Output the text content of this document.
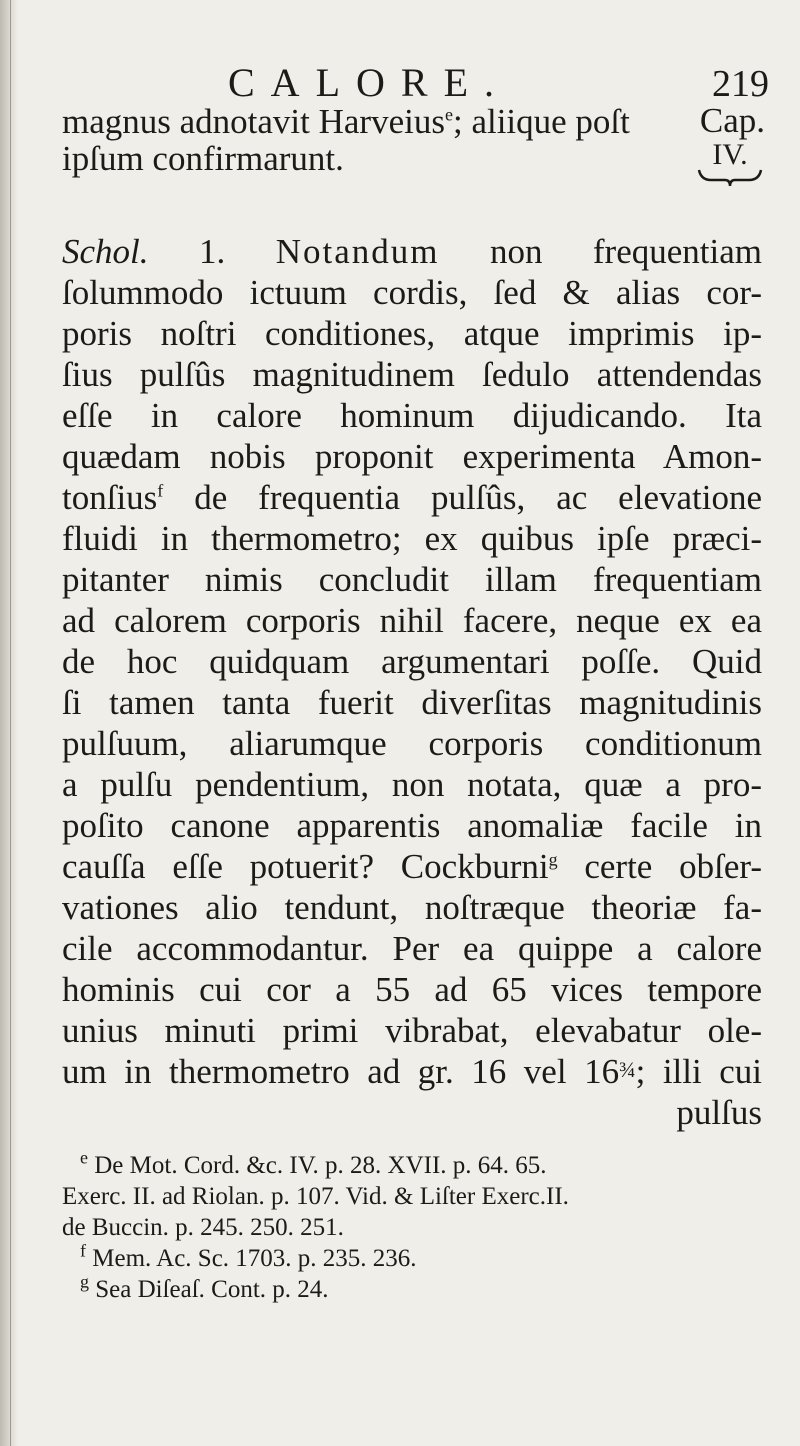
CALORE.	219
magnus adnotavit Harveius$^e$; aliique poſt	Cap.
ipſum confirmarunt.	IV.
Schol. 1. Notandum non frequentiam
ſolummodo ictuum cordis, ſed & alias cor-
poris noſtri conditiones, atque imprimis ip-
ſius pulſûs magnitudinem ſedulo attendendas
eſſe in calore hominum dijudicando. Ita
quædam nobis proponit experimenta Amon-
tonſius$^f$ de frequentia pulſûs, ac elevatione
fluidi in thermometro; ex quibus ipſe præci-
pitanter nimis concludit illam frequentiam
ad calorem corporis nihil facere, neque ex ea
de hoc quidquam argumentari poſſe. Quid
ſi tamen tanta fuerit diverſitas magnitudinis
pulſuum, aliarumque corporis conditionum
a pulſu pendentium, non notata, quæ a pro-
poſito canone apparentis anomaliæ facile in
cauſſa eſſe potuerit? Cockburni$^g$ certe obſer-
vationes alio tendunt, noſtræque theoriæ fa-
cile accommodantur. Per ea quippe a calore
hominis cui cor a 55 ad 65 vices tempore
unius minuti primi vibrabat, elevabatur ole-
um in thermometro ad gr. 16 vel 16¾; illi cui
pulſus
$^e$ De Mot. Cord. &c. IV. p. 28. XVII. p. 64. 65.
Exerc. II. ad Riolan. p. 107. Vid. & Liſter Exerc.II.
de Buccin. p. 245. 250. 251.
$^f$ Mem. Ac. Sc. 1703. p. 235. 236.
$^g$ Sea Diſeaſ. Cont. p. 24.
